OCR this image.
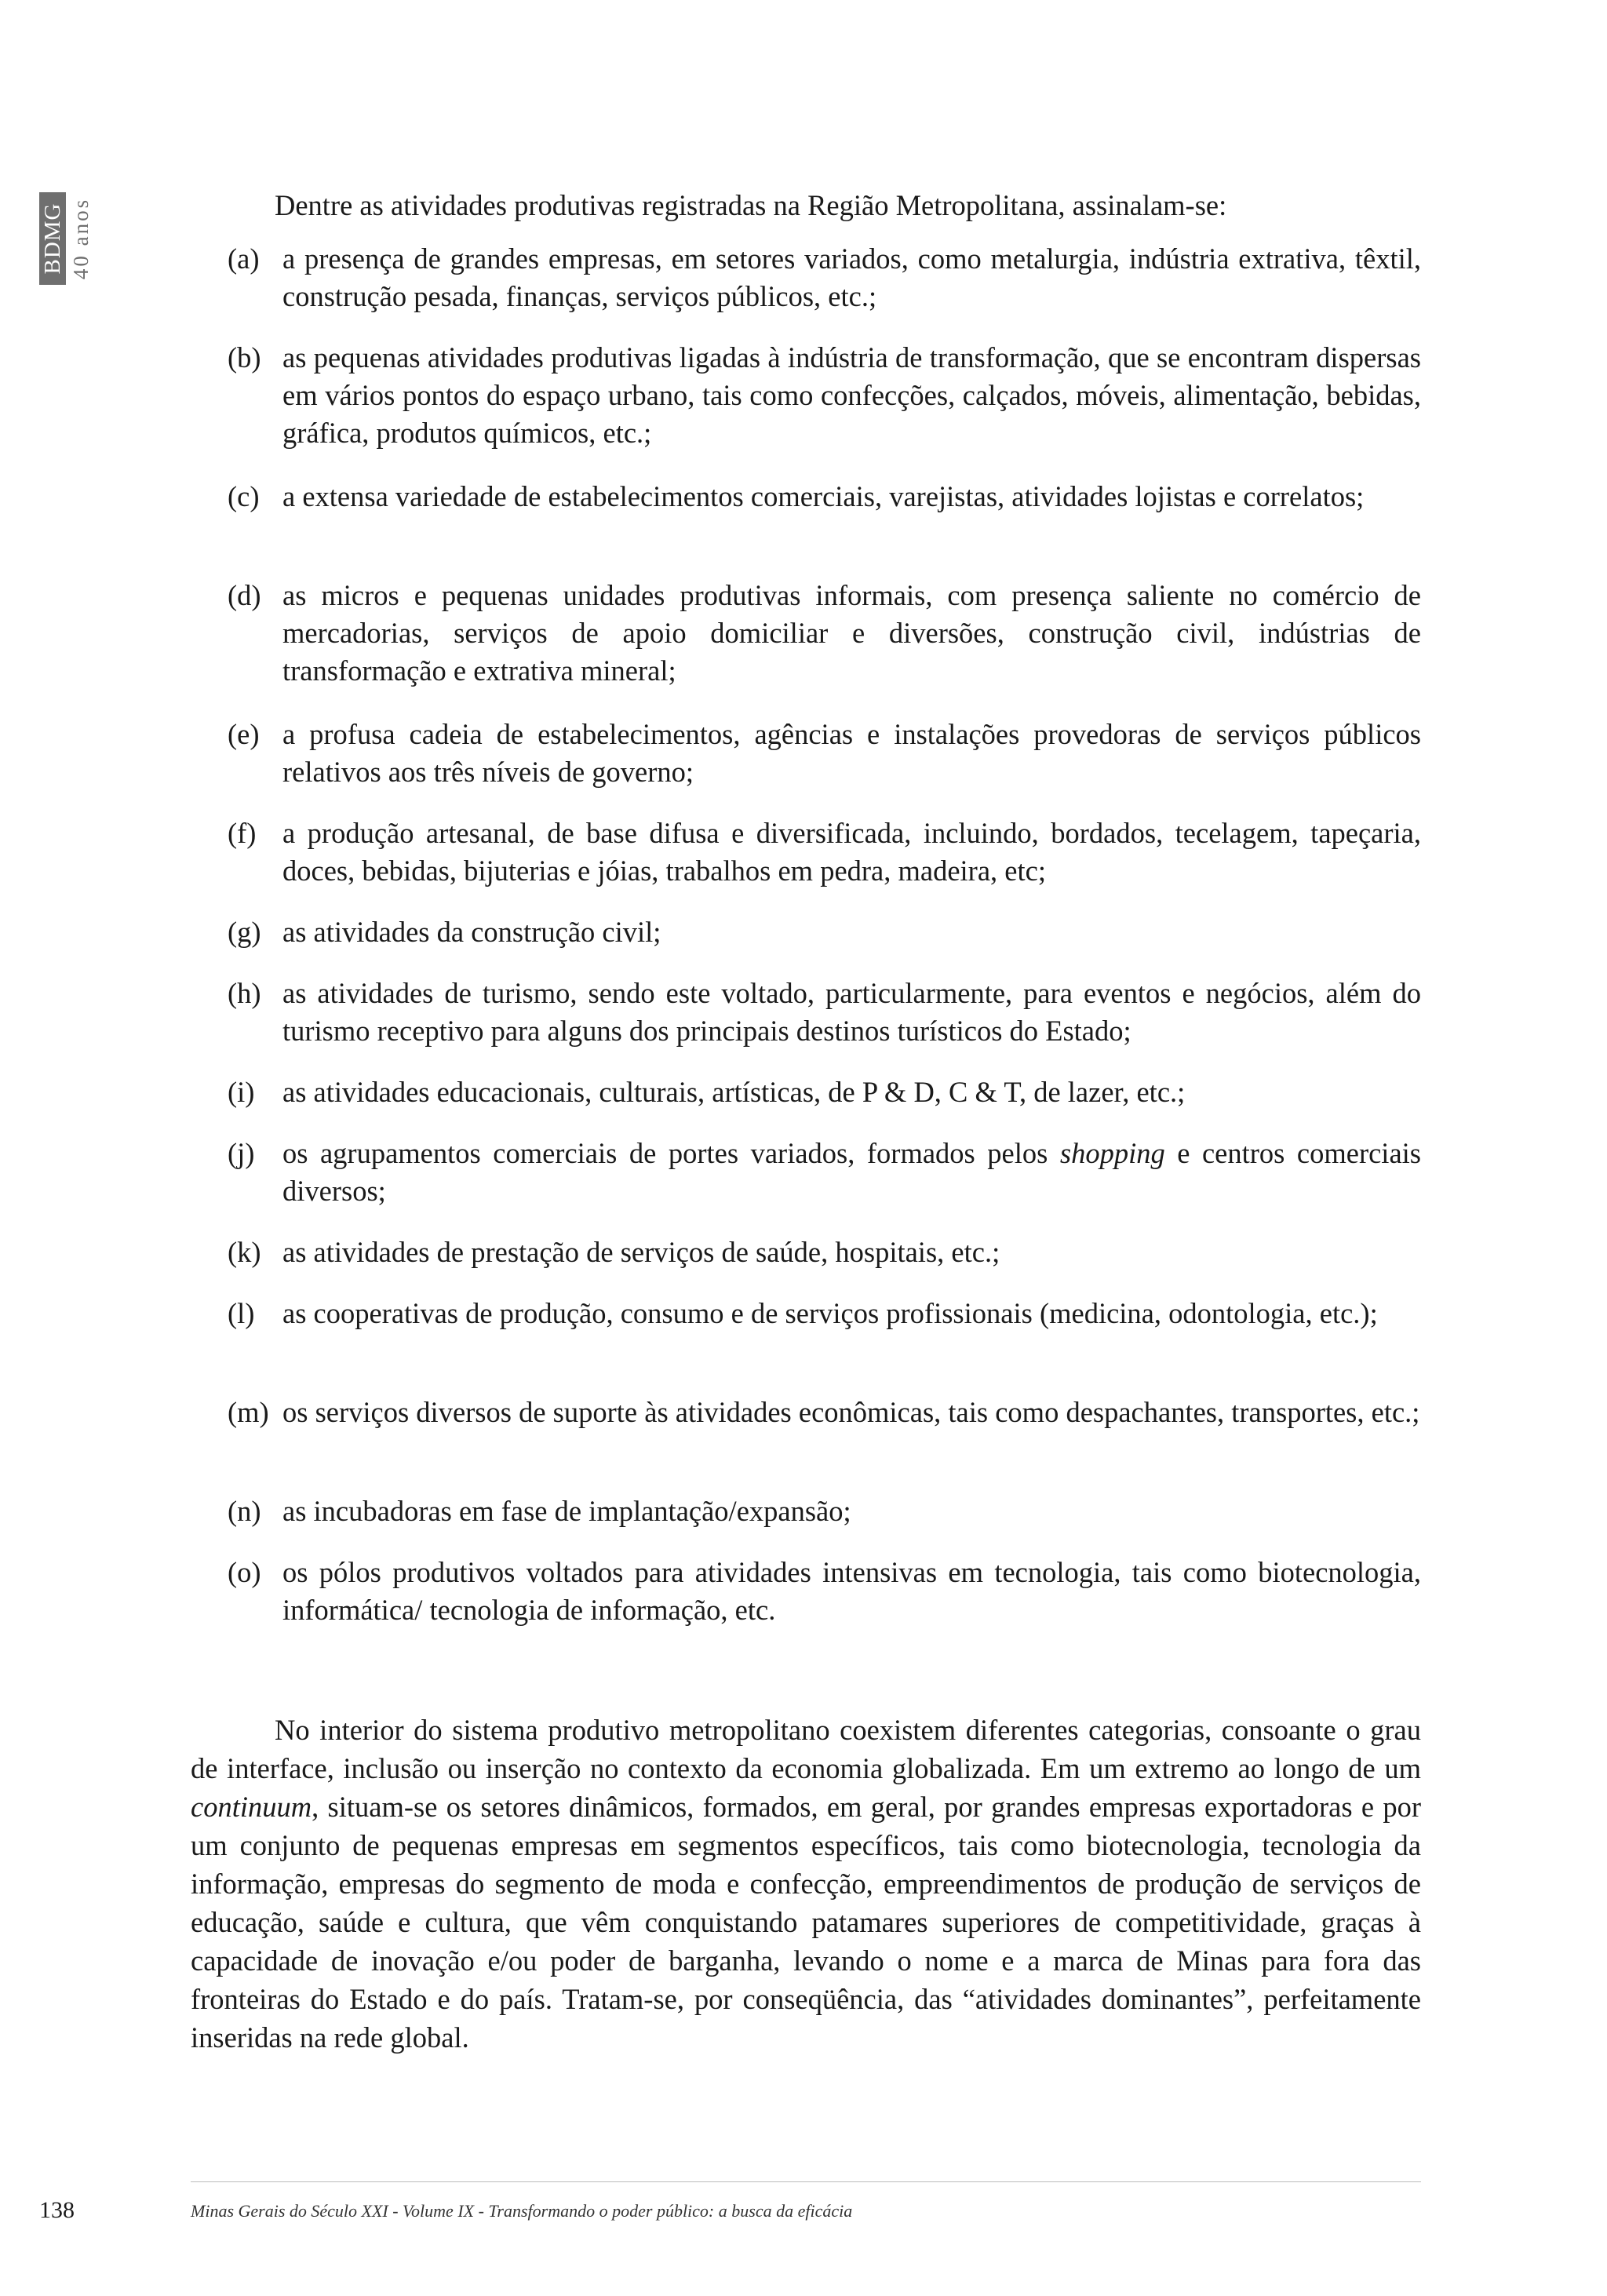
BDMG 40 anos	Dentre as atividades produtivas registradas na Região Metropolitana, assinalam-se:

(a) a presença de grandes empresas, em setores variados, como metalurgia, indústria extrativa, têxtil, construção pesada, finanças, serviços públicos, etc.;
(b) as pequenas atividades produtivas ligadas à indústria de transformação, que se encontram dispersas em vários pontos do espaço urbano, tais como confecções, calçados, móveis, alimentação, bebidas, gráfica, produtos químicos, etc.;
(c) a extensa variedade de estabelecimentos comerciais, varejistas, atividades lojistas e correlatos;
(d) as micros e pequenas unidades produtivas informais, com presença saliente no comércio de mercadorias, serviços de apoio domiciliar e diversões, construção civil, indústrias de transformação e extrativa mineral;
(e) a profusa cadeia de estabelecimentos, agências e instalações provedoras de serviços públicos relativos aos três níveis de governo;
(f) a produção artesanal, de base difusa e diversificada, incluindo, bordados, tecelagem, tapeçaria, doces, bebidas, bijuterias e jóias, trabalhos em pedra, madeira, etc;
(g) as atividades da construção civil;
(h) as atividades de turismo, sendo este voltado, particularmente, para eventos e negócios, além do turismo receptivo para alguns dos principais destinos turísticos do Estado;
(i) as atividades educacionais, culturais, artísticas, de P & D, C & T, de lazer, etc.;
(j) os agrupamentos comerciais de portes variados, formados pelos shopping e centros comerciais diversos;
(k) as atividades de prestação de serviços de saúde, hospitais, etc.;
(l) as cooperativas de produção, consumo e de serviços profissionais (medicina, odontologia, etc.);
(m) os serviços diversos de suporte às atividades econômicas, tais como despachantes, transportes, etc.;
(n) as incubadoras em fase de implantação/expansão;
(o) os pólos produtivos voltados para atividades intensivas em tecnologia, tais como biotecnologia, informática/ tecnologia de informação, etc.

No interior do sistema produtivo metropolitano coexistem diferentes categorias, consoante o grau de interface, inclusão ou inserção no contexto da economia globalizada. Em um extremo ao longo de um continuum, situam-se os setores dinâmicos, formados, em geral, por grandes empresas exportadoras e por um conjunto de pequenas empresas em segmentos específicos, tais como biotecnologia, tecnologia da informação, empresas do segmento de moda e confecção, empreendimentos de produção de serviços de educação, saúde e cultura, que vêm conquistando patamares superiores de competitividade, graças à capacidade de inovação e/ou poder de barganha, levando o nome e a marca de Minas para fora das fronteiras do Estado e do país. Tratam-se, por conseqüência, das “atividades dominantes”, perfeitamente inseridas na rede global.

138	Minas Gerais do Século XXI - Volume IX - Transformando o poder público: a busca da eficácia
